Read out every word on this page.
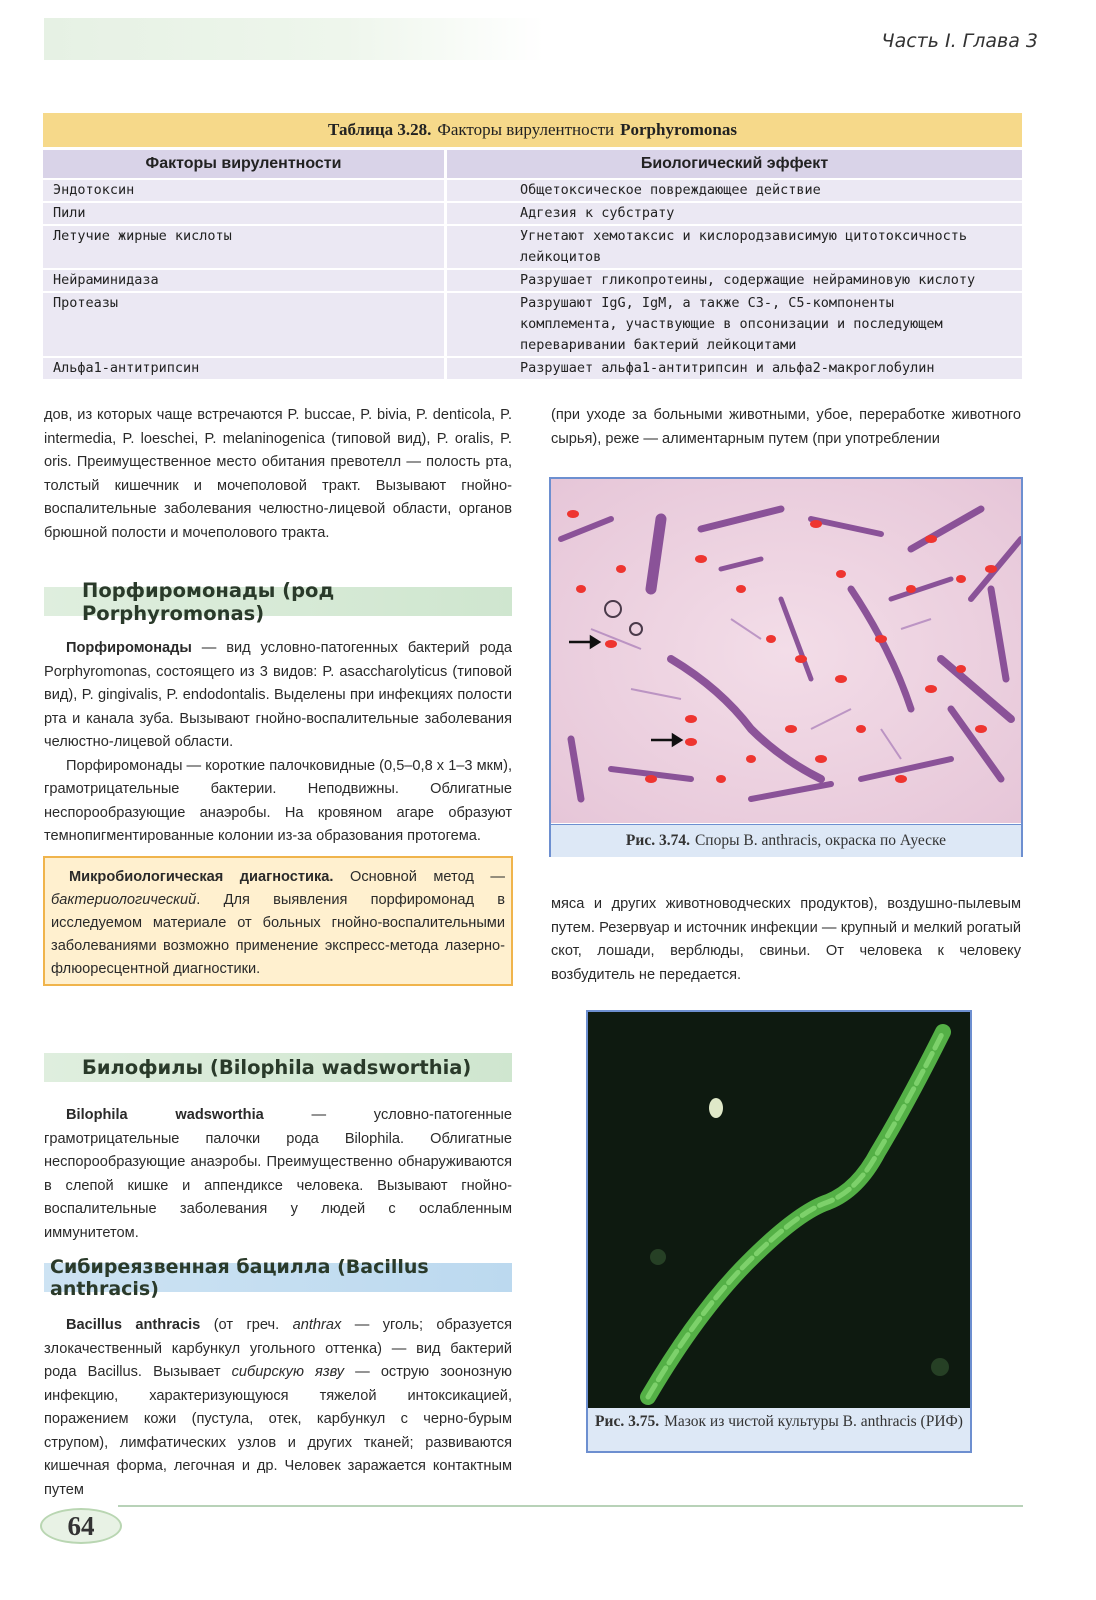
Часть I. Глава 3
Таблица 3.28. Факторы вирулентности Porphyromonas
Факторы вирулентности	Биологический эффект
Эндотоксин	Общетоксическое повреждающее действие
Пили	Адгезия к субстрату
Летучие жирные кислоты	Угнетают хемотаксис и кислородзависимую цитотоксичность лейкоцитов
Нейраминидаза	Разрушает гликопротеины, содержащие нейраминовую кислоту
Протеазы	Разрушают IgG, IgM, а также С3-, С5-компоненты комплемента, участвующие в опсонизации и последующем переваривании бактерий лейкоцитами
Альфа1-антитрипсин	Разрушает альфа1-антитрипсин и альфа2-макроглобулин

дов, из которых чаще встречаются P. buccae, P. bivia, P. denticola, P. intermedia, P. loeschei, P. melaninogenica (типовой вид), P. oralis, P. oris. Преимущественное место обитания превотелл — полость рта, толстый кишечник и мочеполовой тракт. Вызывают гнойно-воспалительные заболевания челюстно-лицевой области, органов брюшной полости и мочеполового тракта.

Порфиромонады (род Porphyromonas)

Порфиромонады — вид условно-патогенных бактерий рода Porphyromonas, состоящего из 3 видов: P. asaccharolyticus (типовой вид), P. gingivalis, P. endodontalis. Выделены при инфекциях полости рта и канала зуба. Вызывают гнойно-воспалительные заболевания челюстно-лицевой области.

Порфиромонады — короткие палочковидные (0,5–0,8 x 1–3 мкм), грамотрицательные бактерии. Неподвижны. Облигатные неспорообразующие анаэробы. На кровяном агаре образуют темнопигментированные колонии из-за образования протогема.

Микробиологическая диагностика. Основной метод — бактериологический. Для выявления порфиромонад в исследуемом материале от больных гнойно-воспалительными заболеваниями возможно применение экспресс-метода лазерно-флюоресцентной диагностики.
Билофилы (Bilophila wadsworthia)

Bilophila wadsworthia — условно-патогенные грамотрицательные палочки рода Bilophila. Облигатные неспорообразующие анаэробы. Преимущественно обнаруживаются в слепой кишке и аппендиксе человека. Вызывают гнойно-воспалительные заболевания у людей с ослабленным иммунитетом.

Сибиреязвенная бацилла (Bacillus anthracis)

Bacillus anthracis (от греч. anthrax — уголь; образуется злокачественный карбункул угольного оттенка) — вид бактерий рода Bacillus. Вызывает сибирскую язву — острую зоонозную инфекцию, характеризующуюся тяжелой интоксикацией, поражением кожи (пустула, отек, карбункул с черно-бурым струпом), лимфатических узлов и других тканей; развиваются кишечная форма, легочная и др. Человек заражается контактным путем

(при уходе за больными животными, убое, переработке животного сырья), реже — алиментарным путем (при употреблении

Рис. 3.74. Споры B. anthracis, окраска по Ауеске

мяса и других животноводческих продуктов), воздушно-пылевым путем. Резервуар и источник инфекции — крупный и мелкий рогатый скот, лошади, верблюды, свиньи. От человека к человеку возбудитель не передается.

Рис. 3.75. Мазок из чистой культуры B. anthracis (РИФ)
64
